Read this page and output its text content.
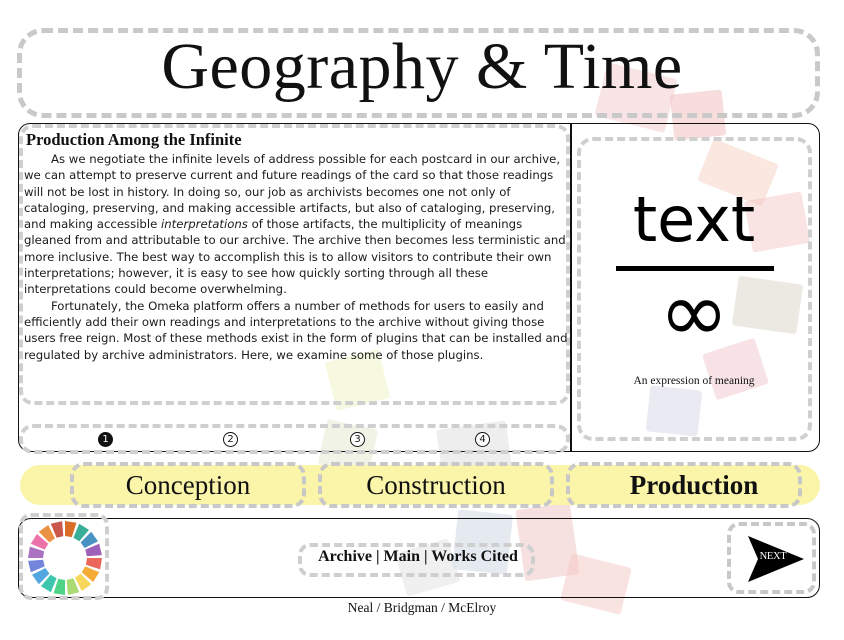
Geography & Time
Production Among the Infinite

As we negotiate the infinite levels of address possible for each postcard in our archive, we can attempt to preserve current and future readings of the card so that those readings will not be lost in history. In doing so, our job as archivists becomes one not only of cataloging, preserving, and making accessible artifacts, but also of cataloging, preserving, and making accessible interpretations of those artifacts, the multiplicity of meanings gleaned from and attributable to our archive. The archive then becomes less terministic and more inclusive. The best way to accomplish this is to allow visitors to contribute their own interpretations; however, it is easy to see how quickly sorting through all these interpretations could become overwhelming.

Fortunately, the Omeka platform offers a number of methods for users to easily and efficiently add their own readings and interpretations to the archive without giving those users free reign. Most of these methods exist in the form of plugins that can be installed and regulated by archive administrators. Here, we examine some of those plugins.

1	2	3	4
text
∞
An expression of meaning
Conception	Construction	Production
Archive | Main | Works Cited	NEXT
Neal / Bridgman / McElroy
